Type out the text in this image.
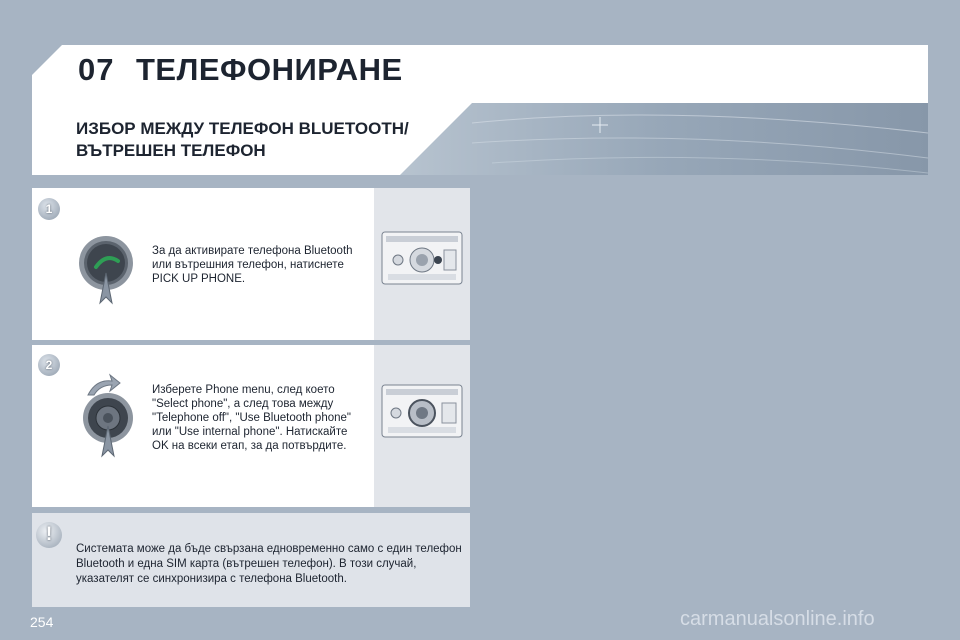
07 ТЕЛЕФОНИРАНЕ
ИЗБОР МЕЖДУ ТЕЛЕФОН BLUETOOTH/
ВЪТРЕШЕН ТЕЛЕФОН
1
За да активирате телефона Bluetooth или вътрешния телефон, натиснете PICK UP PHONE.
2
Изберете Phone menu, след което "Select phone", а след това между "Telephone off", "Use Bluetooth phone" или "Use internal phone". Натискайте OK на всеки етап, за да потвърдите.
!
Системата може да бъде свързана едновременно само с един телефон Bluetooth и една SIM карта (вътрешен телефон). В този случай, указателят се синхронизира с телефона Bluetooth.
254	carmanualsonline.info
